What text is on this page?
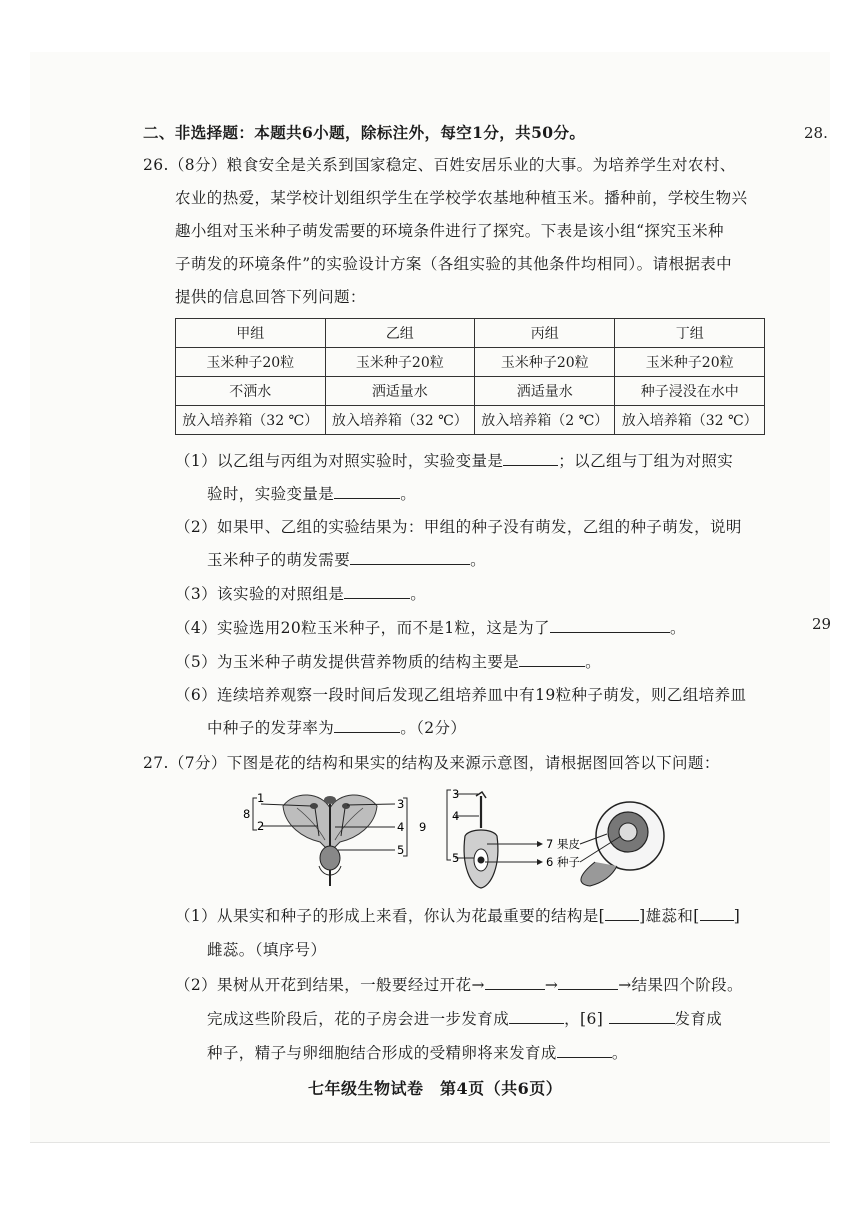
二、非选择题：本题共6小题，除标注外，每空1分，共50分。	28.
29
26.（8分）粮食安全是关系到国家稳定、百姓安居乐业的大事。为培养学生对农村、
农业的热爱，某学校计划组织学生在学校学农基地种植玉米。播种前，学校生物兴
趣小组对玉米种子萌发需要的环境条件进行了探究。下表是该小组“探究玉米种
子萌发的环境条件”的实验设计方案（各组实验的其他条件均相同）。请根据表中
提供的信息回答下列问题：
甲组	乙组	丙组	丁组
玉米种子20粒	玉米种子20粒	玉米种子20粒	玉米种子20粒
不洒水	洒适量水	洒适量水	种子浸没在水中
放入培养箱（32 ℃）	放入培养箱（32 ℃）	放入培养箱（2 ℃）	放入培养箱（32 ℃）
（1）以乙组与丙组为对照实验时，实验变量是	；以乙组与丁组为对照实
验时，实验变量是	。
（2）如果甲、乙组的实验结果为：甲组的种子没有萌发，乙组的种子萌发，说明
玉米种子的萌发需要	。
（3）该实验的对照组是	。
（4）实验选用20粒玉米种子，而不是1粒，这是为了	。
（5）为玉米种子萌发提供营养物质的结构主要是	。
（6）连续培养观察一段时间后发现乙组培养皿中有19粒种子萌发，则乙组培养皿
中种子的发芽率为	。（2分）
27.（7分）下图是花的结构和果实的结构及来源示意图，请根据图回答以下问题：
1
2
3
4
5
8
9
3
4
5
7
6
果皮
种子
（1）从果实和种子的形成上来看，你认为花最重要的结构是[ ]雄蕊和[ ]
雌蕊。（填序号）
（2）果树从开花到结果，一般要经过开花→	→	→结果四个阶段。
完成这些阶段后，花的子房会进一步发育成	，[6]	发育成
种子，精子与卵细胞结合形成的受精卵将来发育成	。
七年级生物试卷　第4页（共6页）
